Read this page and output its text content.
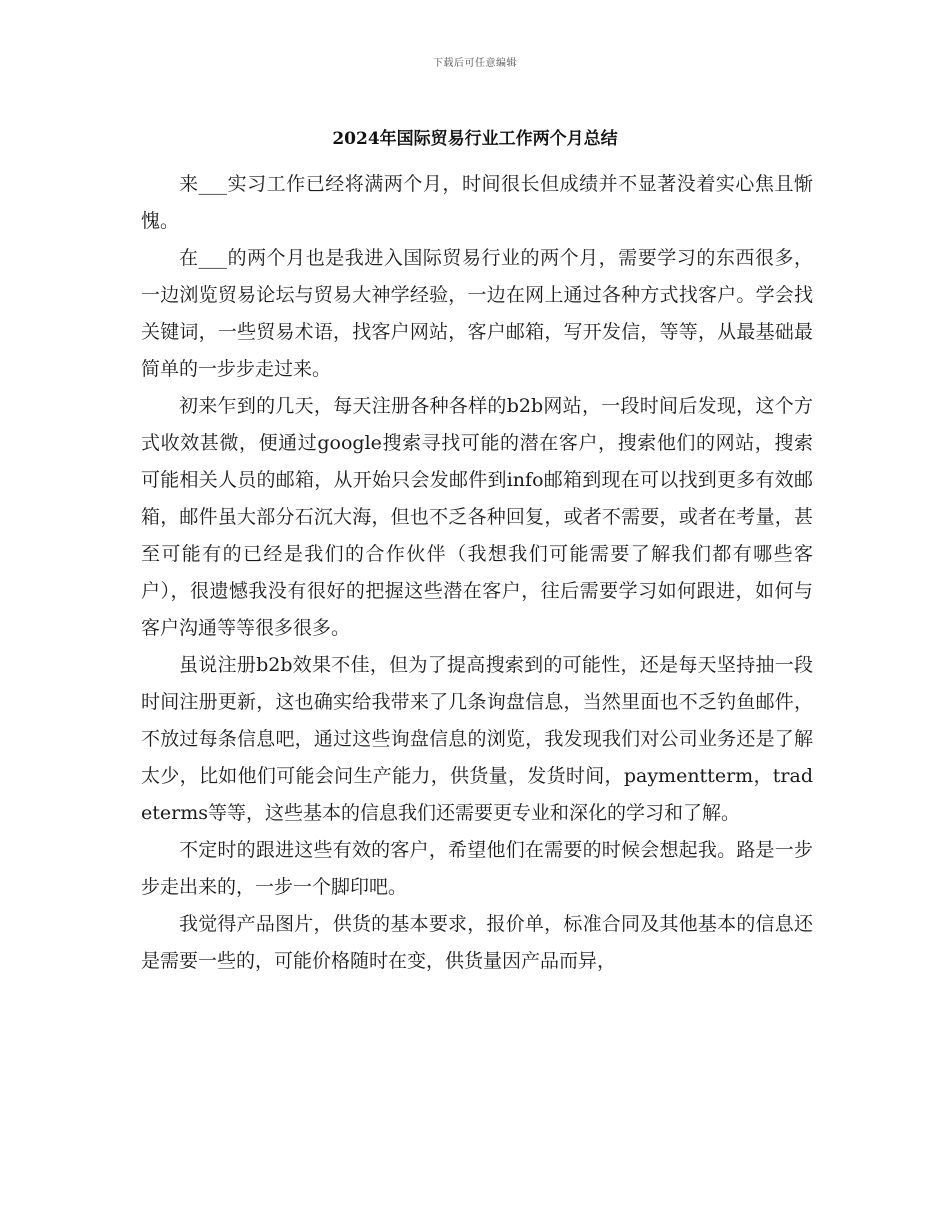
下载后可任意编辑
2024年国际贸易行业工作两个月总结

来___实习工作已经将满两个月，时间很长但成绩并不显著没着实心焦且惭愧。

在___的两个月也是我进入国际贸易行业的两个月，需要学习的东西很多，一边浏览贸易论坛与贸易大神学经验，一边在网上通过各种方式找客户。学会找关键词，一些贸易术语，找客户网站，客户邮箱，写开发信，等等，从最基础最简单的一步步走过来。

初来乍到的几天，每天注册各种各样的b2b网站，一段时间后发现，这个方式收效甚微，便通过google搜索寻找可能的潜在客户，搜索他们的网站，搜索可能相关人员的邮箱，从开始只会发邮件到info邮箱到现在可以找到更多有效邮箱，邮件虽大部分石沉大海，但也不乏各种回复，或者不需要，或者在考量，甚至可能有的已经是我们的合作伙伴（我想我们可能需要了解我们都有哪些客户），很遗憾我没有很好的把握这些潜在客户，往后需要学习如何跟进，如何与客户沟通等等很多很多。

虽说注册b2b效果不佳，但为了提高搜索到的可能性，还是每天坚持抽一段时间注册更新，这也确实给我带来了几条询盘信息，当然里面也不乏钓鱼邮件，不放过每条信息吧，通过这些询盘信息的浏览，我发现我们对公司业务还是了解太少，比如他们可能会问生产能力，供货量，发货时间，paymentterm，tradeterms等等，这些基本的信息我们还需要更专业和深化的学习和了解。

不定时的跟进这些有效的客户，希望他们在需要的时候会想起我。路是一步步走出来的，一步一个脚印吧。

我觉得产品图片，供货的基本要求，报价单，标准合同及其他基本的信息还是需要一些的，可能价格随时在变，供货量因产品而异，
